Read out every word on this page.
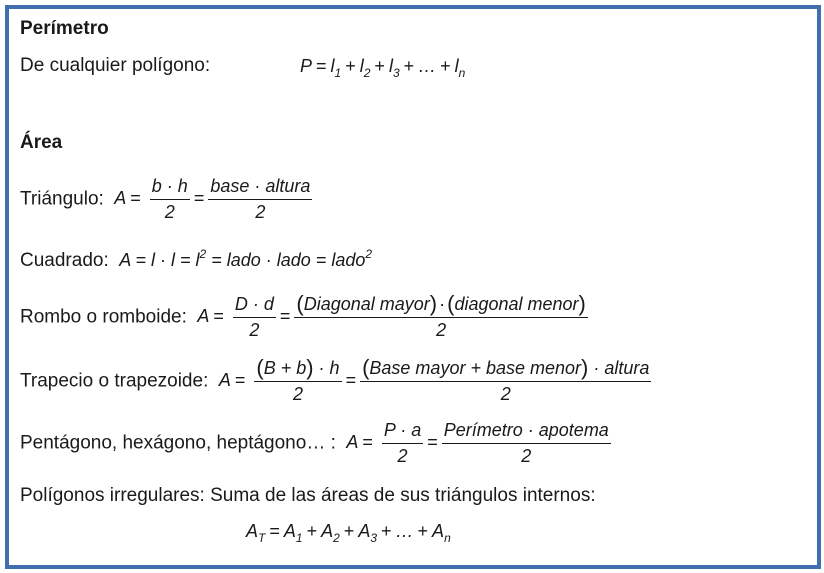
Perímetro
De cualquier polígono:	$P = l_1 + l_2 + l_3$ + … + $l_n$
Área
Triángulo: $A = \frac{b \cdot h}{2} = \frac{\text{base · altura}}{2}$
Cuadrado: $A = l \cdot l = l^2$ = lado · lado = lado$^2$
Rombo o romboide: $A = \frac{D \cdot d}{2} = \frac{\text{(Diagonal mayor) ·(diagonal menor)}}{2}$
Trapecio o trapezoide: $A = \frac{(B + b) \cdot h}{2} = \frac{\text{(Base mayor + base menor) · altura}}{2}$
Pentágono, hexágono, heptágono… : $A = \frac{P \cdot a}{2} = \frac{\text{Perímetro · apotema}}{2}$
Polígonos irregulares: Suma de las áreas de sus triángulos internos:
$A_T = A_1 + A_2 + A_3$ + … + $A_n$
